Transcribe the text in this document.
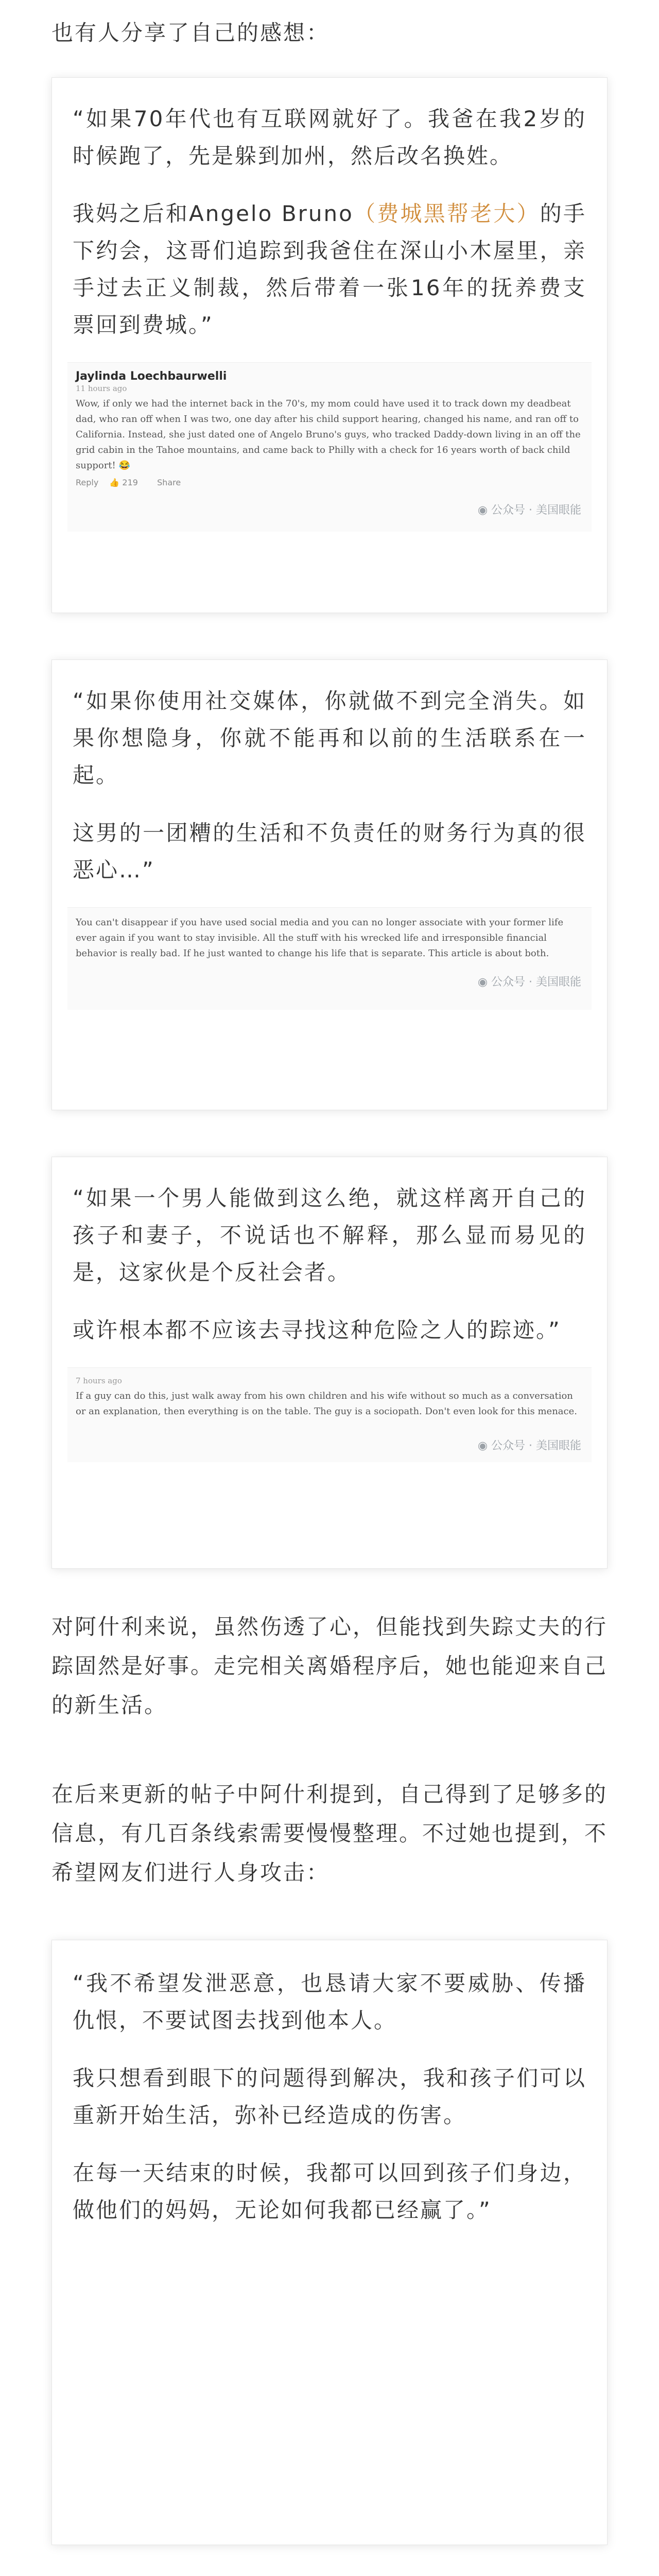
也有人分享了自己的感想：

“如果70年代也有互联网就好了。我爸在我2岁的时候跑了，先是躲到加州，然后改名换姓。

我妈之后和Angelo Bruno（费城黑帮老大）的手下约会，这哥们追踪到我爸住在深山小木屋里，亲手过去正义制裁，然后带着一张16年的抚养费支票回到费城。”

Jaylinda Loechbaurwelli
11 hours ago
Wow, if only we had the internet back in the 70's, my mom could have used it to track down my deadbeat dad, who ran off when I was two, one day after his child support hearing, changed his name, and ran off to California. Instead, she just dated one of Angelo Bruno's guys, who tracked Daddy-down living in an off the grid cabin in the Tahoe mountains, and came back to Philly with a check for 16 years worth of back child support! 😂
Reply 👍 219 Share
◉ 公众号 · 美国眼能

“如果你使用社交媒体，你就做不到完全消失。如果你想隐身，你就不能再和以前的生活联系在一起。

这男的一团糟的生活和不负责任的财务行为真的很恶心…”

You can't disappear if you have used social media and you can no longer associate with your former life ever again if you want to stay invisible. All the stuff with his wrecked life and irresponsible financial behavior is really bad. If he just wanted to change his life that is separate. This article is about both.
◉ 公众号 · 美国眼能

“如果一个男人能做到这么绝，就这样离开自己的孩子和妻子，不说话也不解释，那么显而易见的是，这家伙是个反社会者。

或许根本都不应该去寻找这种危险之人的踪迹。”

7 hours ago
If a guy can do this, just walk away from his own children and his wife without so much as a conversation or an explanation, then everything is on the table. The guy is a sociopath. Don't even look for this menace.
◉ 公众号 · 美国眼能

对阿什利来说，虽然伤透了心，但能找到失踪丈夫的行踪固然是好事。走完相关离婚程序后，她也能迎来自己的新生活。

在后来更新的帖子中阿什利提到，自己得到了足够多的信息，有几百条线索需要慢慢整理。不过她也提到，不希望网友们进行人身攻击：

“我不希望发泄恶意，也恳请大家不要威胁、传播仇恨，不要试图去找到他本人。

我只想看到眼下的问题得到解决，我和孩子们可以重新开始生活，弥补已经造成的伤害。

在每一天结束的时候，我都可以回到孩子们身边，做他们的妈妈，无论如何我都已经赢了。”
